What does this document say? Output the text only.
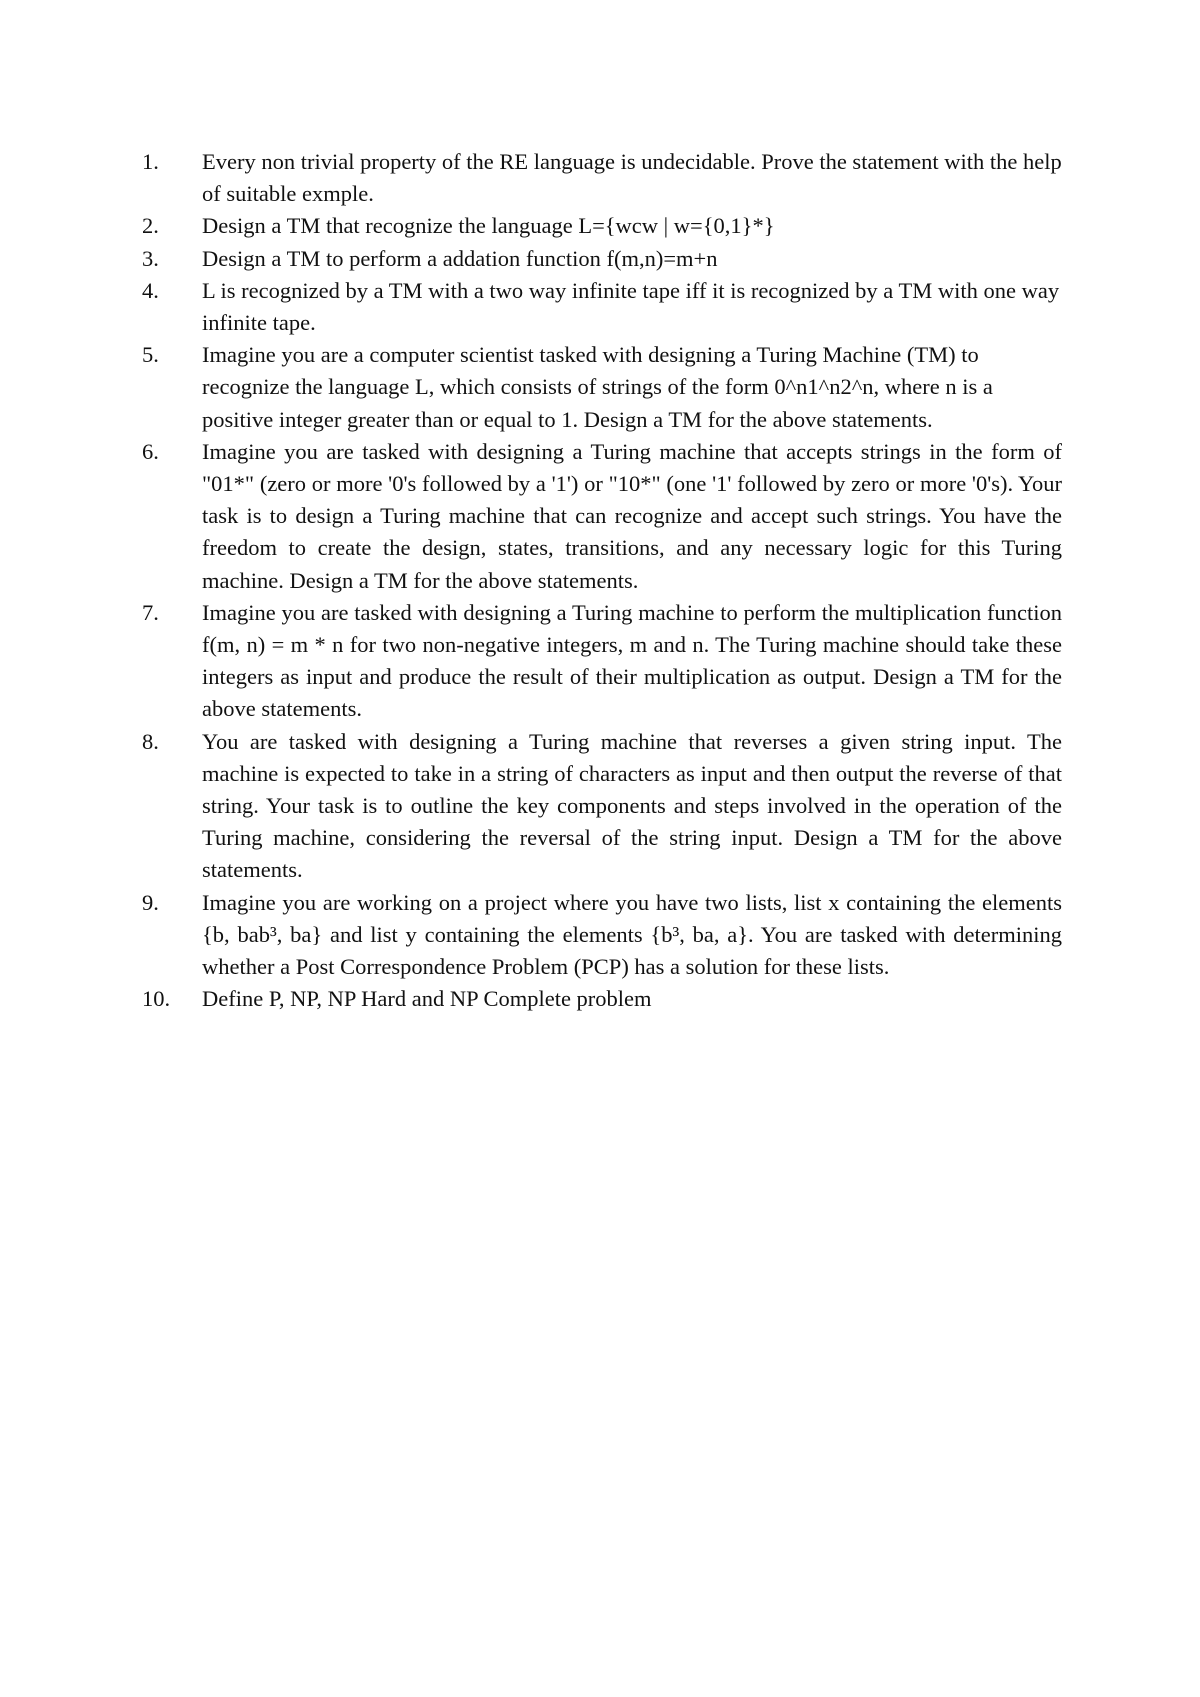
1.	Every non trivial property of the RE language is undecidable. Prove the statement with the help of suitable exmple.
2.	Design a TM that recognize the language L={wcw | w={0,1}*}
3.	Design a TM to perform a addation function f(m,n)=m+n
4.	L is recognized by a TM with a two way infinite tape iff it is recognized by a TM with one way infinite tape.
5.	Imagine you are a computer scientist tasked with designing a Turing Machine (TM) to recognize the language L, which consists of strings of the form 0^n1^n2^n, where n is a positive integer greater than or equal to 1. Design a TM for the above statements.
6.	Imagine you are tasked with designing a Turing machine that accepts strings in the form of "01*" (zero or more '0's followed by a '1') or "10*" (one '1' followed by zero or more '0's). Your task is to design a Turing machine that can recognize and accept such strings. You have the freedom to create the design, states, transitions, and any necessary logic for this Turing machine. Design a TM for the above statements.
7.	Imagine you are tasked with designing a Turing machine to perform the multiplication function f(m, n) = m * n for two non-negative integers, m and n. The Turing machine should take these integers as input and produce the result of their multiplication as output. Design a TM for the above statements.
8.	You are tasked with designing a Turing machine that reverses a given string input. The machine is expected to take in a string of characters as input and then output the reverse of that string. Your task is to outline the key components and steps involved in the operation of the Turing machine, considering the reversal of the string input. Design a TM for the above statements.
9.	Imagine you are working on a project where you have two lists, list x containing the elements {b, bab³, ba} and list y containing the elements {b³, ba, a}. You are tasked with determining whether a Post Correspondence Problem (PCP) has a solution for these lists.
10.	Define P, NP, NP Hard and NP Complete problem
